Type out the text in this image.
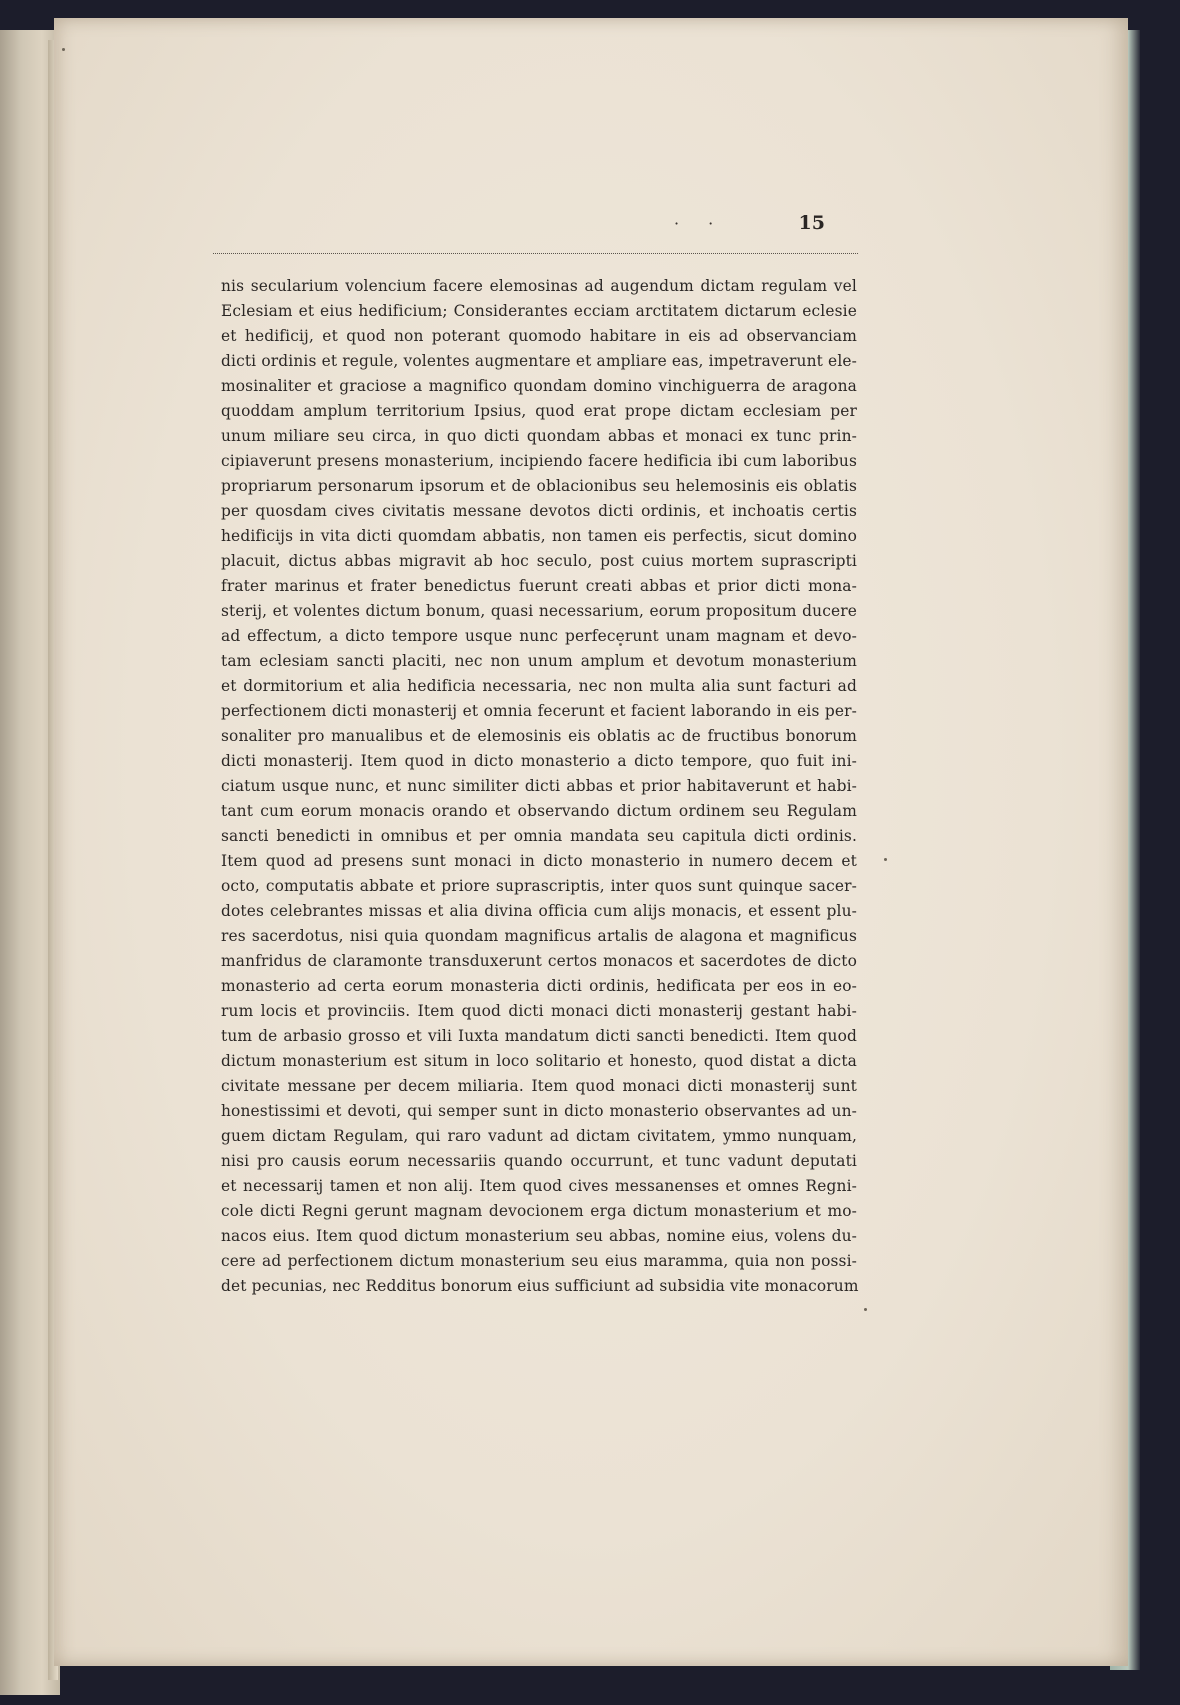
· ·	15
nis secularium volencium facere elemosinas ad augendum dictam regulam vel
Eclesiam et eius hedificium; Considerantes ecciam arctitatem dictarum eclesie
et hedificij, et quod non poterant quomodo habitare in eis ad observanciam
dicti ordinis et regule, volentes augmentare et ampliare eas, impetraverunt ele-
mosinaliter et graciose a magnifico quondam domino vinchiguerra de aragona
quoddam amplum territorium Ipsius, quod erat prope dictam ecclesiam per
unum miliare seu circa, in quo dicti quondam abbas et monaci ex tunc prin-
cipiaverunt presens monasterium, incipiendo facere hedificia ibi cum laboribus
propriarum personarum ipsorum et de oblacionibus seu helemosinis eis oblatis
per quosdam cives civitatis messane devotos dicti ordinis, et inchoatis certis
hedificijs in vita dicti quomdam abbatis, non tamen eis perfectis, sicut domino
placuit, dictus abbas migravit ab hoc seculo, post cuius mortem suprascripti
frater marinus et frater benedictus fuerunt creati abbas et prior dicti mona-
sterij, et volentes dictum bonum, quasi necessarium, eorum propositum ducere
ad effectum, a dicto tempore usque nunc perfecerunt unam magnam et devo-
tam eclesiam sancti placiti, nec non unum amplum et devotum monasterium
et dormitorium et alia hedificia necessaria, nec non multa alia sunt facturi ad
perfectionem dicti monasterij et omnia fecerunt et facient laborando in eis per-
sonaliter pro manualibus et de elemosinis eis oblatis ac de fructibus bonorum
dicti monasterij. Item quod in dicto monasterio a dicto tempore, quo fuit ini-
ciatum usque nunc, et nunc similiter dicti abbas et prior habitaverunt et habi-
tant cum eorum monacis orando et observando dictum ordinem seu Regulam
sancti benedicti in omnibus et per omnia mandata seu capitula dicti ordinis.
Item quod ad presens sunt monaci in dicto monasterio in numero decem et
octo, computatis abbate et priore suprascriptis, inter quos sunt quinque sacer-
dotes celebrantes missas et alia divina officia cum alijs monacis, et essent plu-
res sacerdotus, nisi quia quondam magnificus artalis de alagona et magnificus
manfridus de claramonte transduxerunt certos monacos et sacerdotes de dicto
monasterio ad certa eorum monasteria dicti ordinis, hedificata per eos in eo-
rum locis et provinciis. Item quod dicti monaci dicti monasterij gestant habi-
tum de arbasio grosso et vili Iuxta mandatum dicti sancti benedicti. Item quod
dictum monasterium est situm in loco solitario et honesto, quod distat a dicta
civitate messane per decem miliaria. Item quod monaci dicti monasterij sunt
honestissimi et devoti, qui semper sunt in dicto monasterio observantes ad un-
guem dictam Regulam, qui raro vadunt ad dictam civitatem, ymmo nunquam,
nisi pro causis eorum necessariis quando occurrunt, et tunc vadunt deputati
et necessarij tamen et non alij. Item quod cives messanenses et omnes Regni-
cole dicti Regni gerunt magnam devocionem erga dictum monasterium et mo-
nacos eius. Item quod dictum monasterium seu abbas, nomine eius, volens du-
cere ad perfectionem dictum monasterium seu eius maramma, quia non possi-
det pecunias, nec Redditus bonorum eius sufficiunt ad subsidia vite monacorum
